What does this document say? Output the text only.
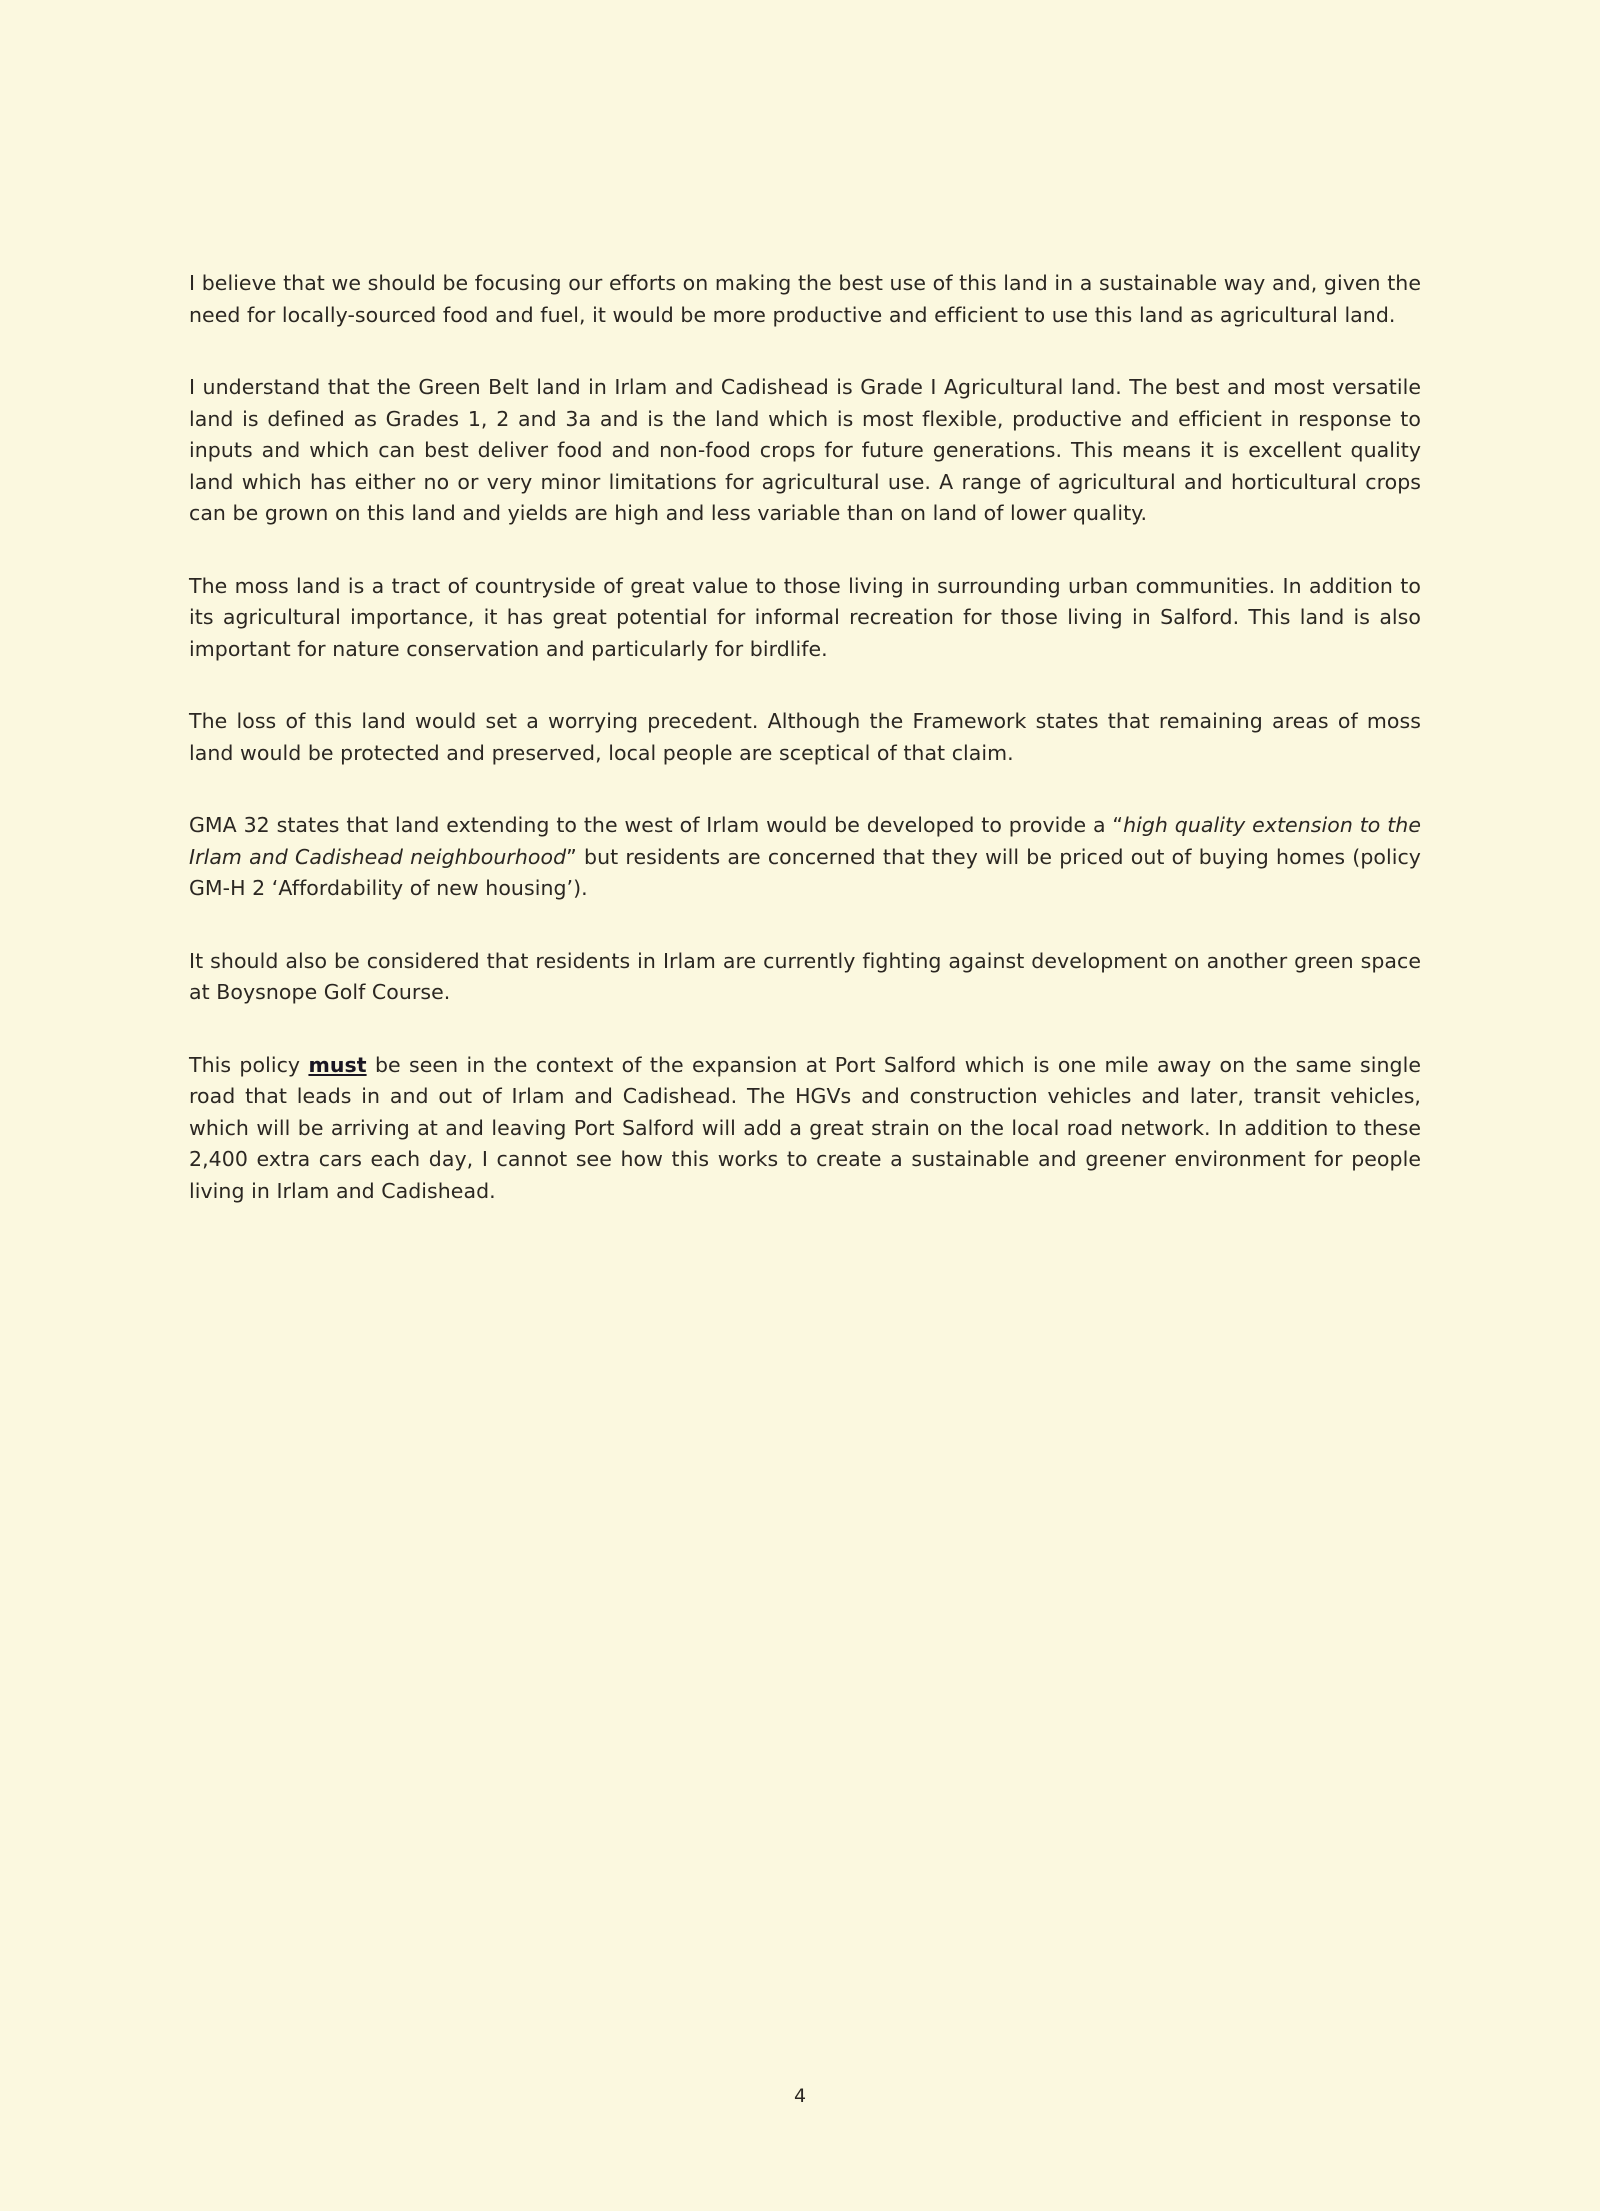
I believe that we should be focusing our efforts on making the best use of this land in a sustainable way and, given the need for locally-sourced food and fuel, it would be more productive and efficient to use this land as agricultural land.

I understand that the Green Belt land in Irlam and Cadishead is Grade I Agricultural land. The best and most versatile land is defined as Grades 1, 2 and 3a and is the land which is most flexible, productive and efficient in response to inputs and which can best deliver food and non-food crops for future generations. This means it is excellent quality land which has either no or very minor limitations for agricultural use. A range of agricultural and horticultural crops can be grown on this land and yields are high and less variable than on land of lower quality.

The moss land is a tract of countryside of great value to those living in surrounding urban communities. In addition to its agricultural importance, it has great potential for informal recreation for those living in Salford. This land is also important for nature conservation and particularly for birdlife.

The loss of this land would set a worrying precedent. Although the Framework states that remaining areas of moss land would be protected and preserved, local people are sceptical of that claim.

GMA 32 states that land extending to the west of Irlam would be developed to provide a “high quality extension to the Irlam and Cadishead neighbourhood” but residents are concerned that they will be priced out of buying homes (policy GM-H 2 ‘Affordability of new housing’).

It should also be considered that residents in Irlam are currently fighting against development on another green space at Boysnope Golf Course.

This policy must be seen in the context of the expansion at Port Salford which is one mile away on the same single road that leads in and out of Irlam and Cadishead. The HGVs and construction vehicles and later, transit vehicles, which will be arriving at and leaving Port Salford will add a great strain on the local road network. In addition to these 2,400 extra cars each day, I cannot see how this works to create a sustainable and greener environment for people living in Irlam and Cadishead.

4
